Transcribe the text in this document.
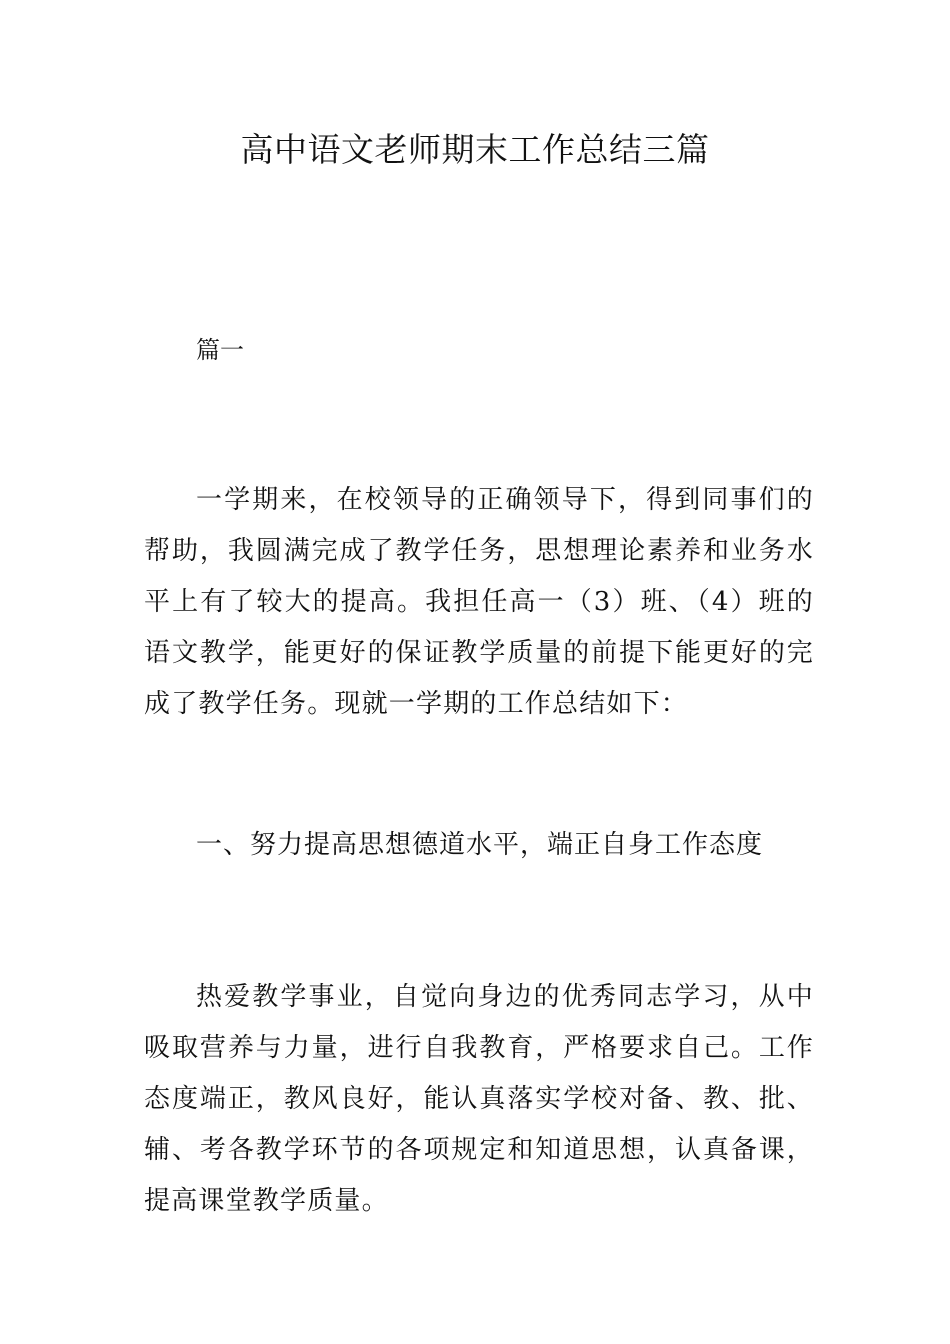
高中语文老师期末工作总结三篇

篇一

一学期来，在校领导的正确领导下，得到同事们的帮助，我圆满完成了教学任务，思想理论素养和业务水平上有了较大的提高。我担任高一（3）班、（4）班的语文教学，能更好的保证教学质量的前提下能更好的完成了教学任务。现就一学期的工作总结如下：

一、努力提高思想德道水平，端正自身工作态度

热爱教学事业，自觉向身边的优秀同志学习，从中吸取营养与力量，进行自我教育，严格要求自己。工作态度端正，教风良好，能认真落实学校对备、教、批、辅、考各教学环节的各项规定和知道思想，认真备课，提高课堂教学质量。
